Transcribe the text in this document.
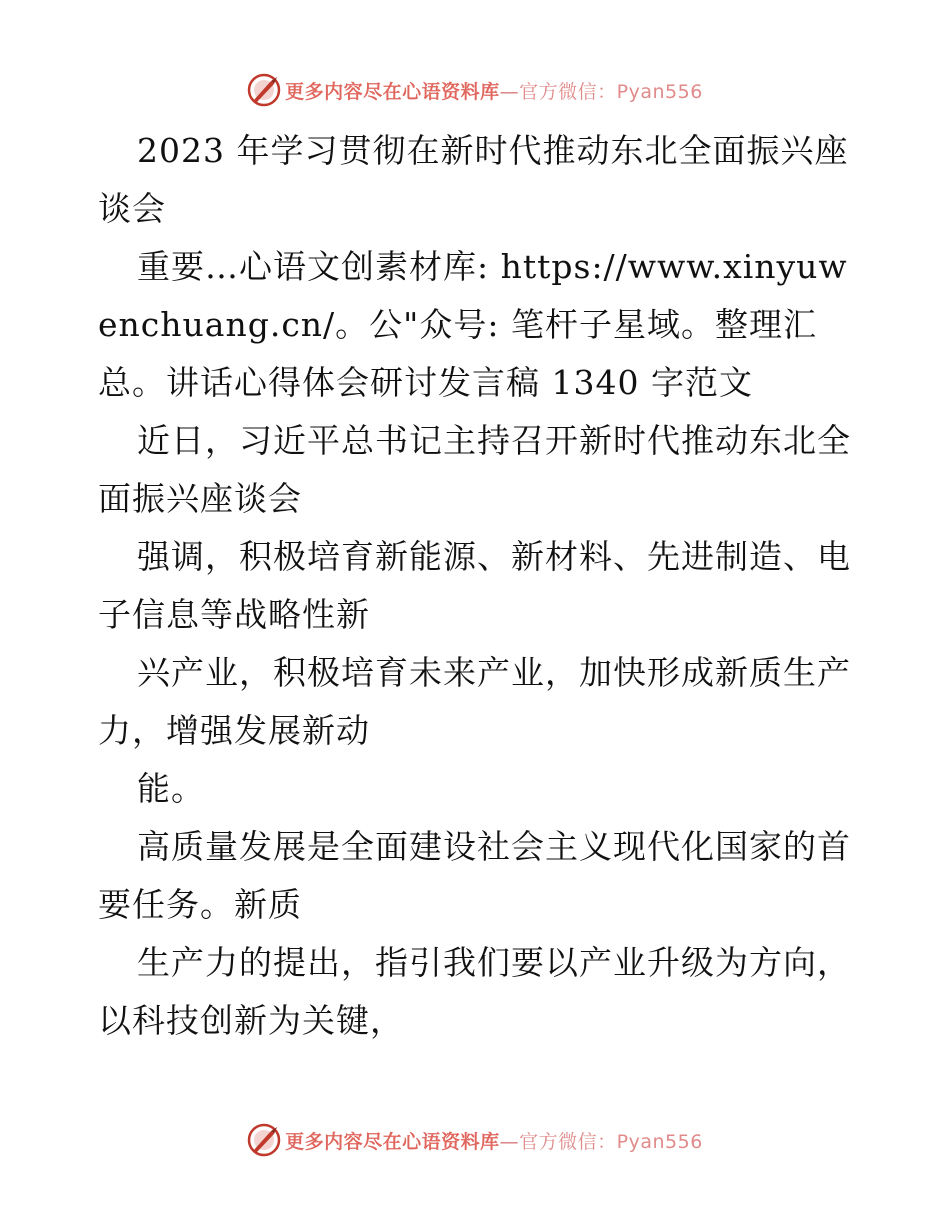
更多内容尽在心语资料库—官方微信：Pyan556

2023 年学习贯彻在新时代推动东北全面振兴座谈会

重要…心语文创素材库: https://www.xinyuwenchuang.cn/。公"众号: 笔杆子星域。整理汇总。讲话心得体会研讨发言稿 1340 字范文

近日，习近平总书记主持召开新时代推动东北全面振兴座谈会

强调，积极培育新能源、新材料、先进制造、电子信息等战略性新

兴产业，积极培育未来产业，加快形成新质生产力，增强发展新动

能。

高质量发展是全面建设社会主义现代化国家的首要任务。新质

生产力的提出，指引我们要以产业升级为方向，以科技创新为关键，

更多内容尽在心语资料库—官方微信：Pyan556
